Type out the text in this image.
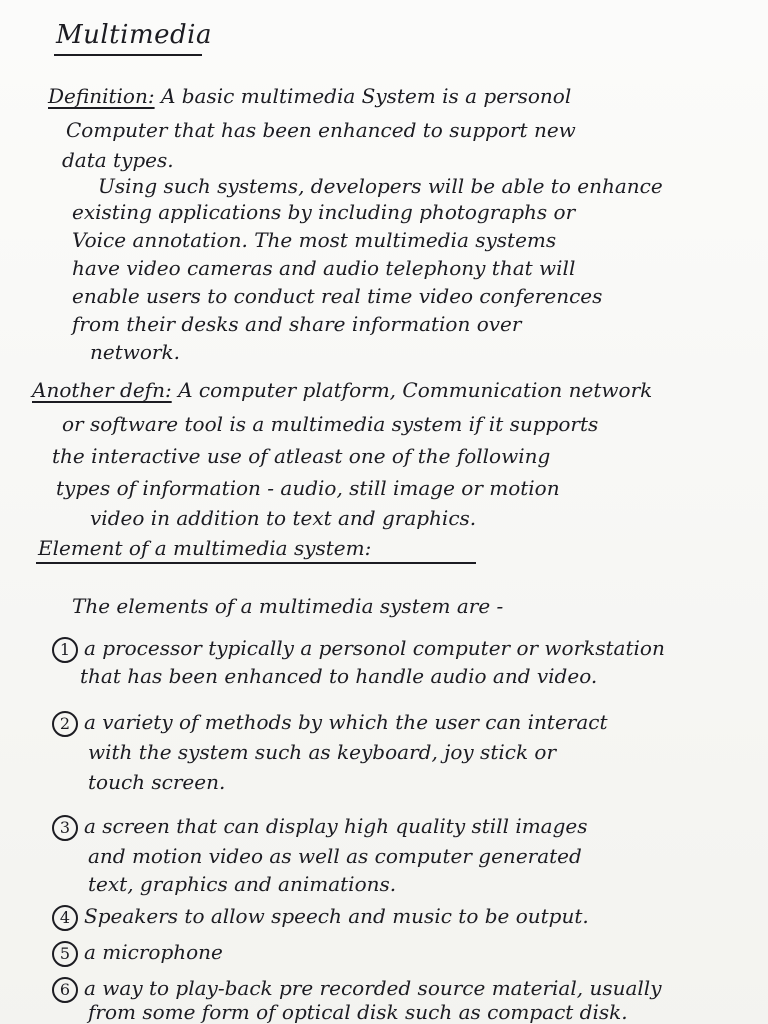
Multimedia
Definition: A basic multimedia System is a personol
Computer that has been enhanced to support new
data types.
Using such systems, developers will be able to enhance
existing applications by including photographs or
Voice annotation. The most multimedia systems
have video cameras and audio telephony that will
enable users to conduct real time video conferences
from their desks and share information over
network.
Another defn: A computer platform, Communication network
or software tool is a multimedia system if it supports
the interactive use of atleast one of the following
types of information - audio, still image or motion
video in addition to text and graphics.
Element of a multimedia system:
The elements of a multimedia system are -
1 a processor typically a personol computer or workstation
that has been enhanced to handle audio and video.
2 a variety of methods by which the user can interact
with the system such as keyboard, joy stick or
touch screen.
3 a screen that can display high quality still images
and motion video as well as computer generated
text, graphics and animations.
4 Speakers to allow speech and music to be output.
5 a microphone
6 a way to play-back pre recorded source material, usually
from some form of optical disk such as compact disk.
